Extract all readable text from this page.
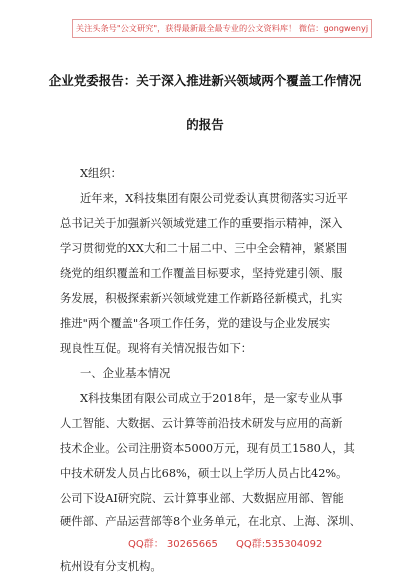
关注头条号"公文研究"，获得最新最全最专业的公文资料库！ 微信：gongwenyj
企业党委报告：关于深入推进新兴领域两个覆盖工作情况
的报告
X组织：
近年来，X科技集团有限公司党委认真贯彻落实习近平
总书记关于加强新兴领域党建工作的重要指示精神，深入
学习贯彻党的XX大和二十届二中、三中全会精神，紧紧围
绕党的组织覆盖和工作覆盖目标要求，坚持党建引领、服
务发展，积极探索新兴领域党建工作新路径新模式，扎实
推进"两个覆盖"各项工作任务，党的建设与企业发展实
现良性互促。现将有关情况报告如下：
一、企业基本情况
X科技集团有限公司成立于2018年，是一家专业从事
人工智能、大数据、云计算等前沿技术研发与应用的高新
技术企业。公司注册资本5000万元，现有员工1580人，其
中技术研发人员占比68%，硕士以上学历人员占比42%。
公司下设AI研究院、云计算事业部、大数据应用部、智能
硬件部、产品运营部等8个业务单元，在北京、上海、深圳、
QQ群： 30265665 QQ群:535304092
杭州设有分支机构。
